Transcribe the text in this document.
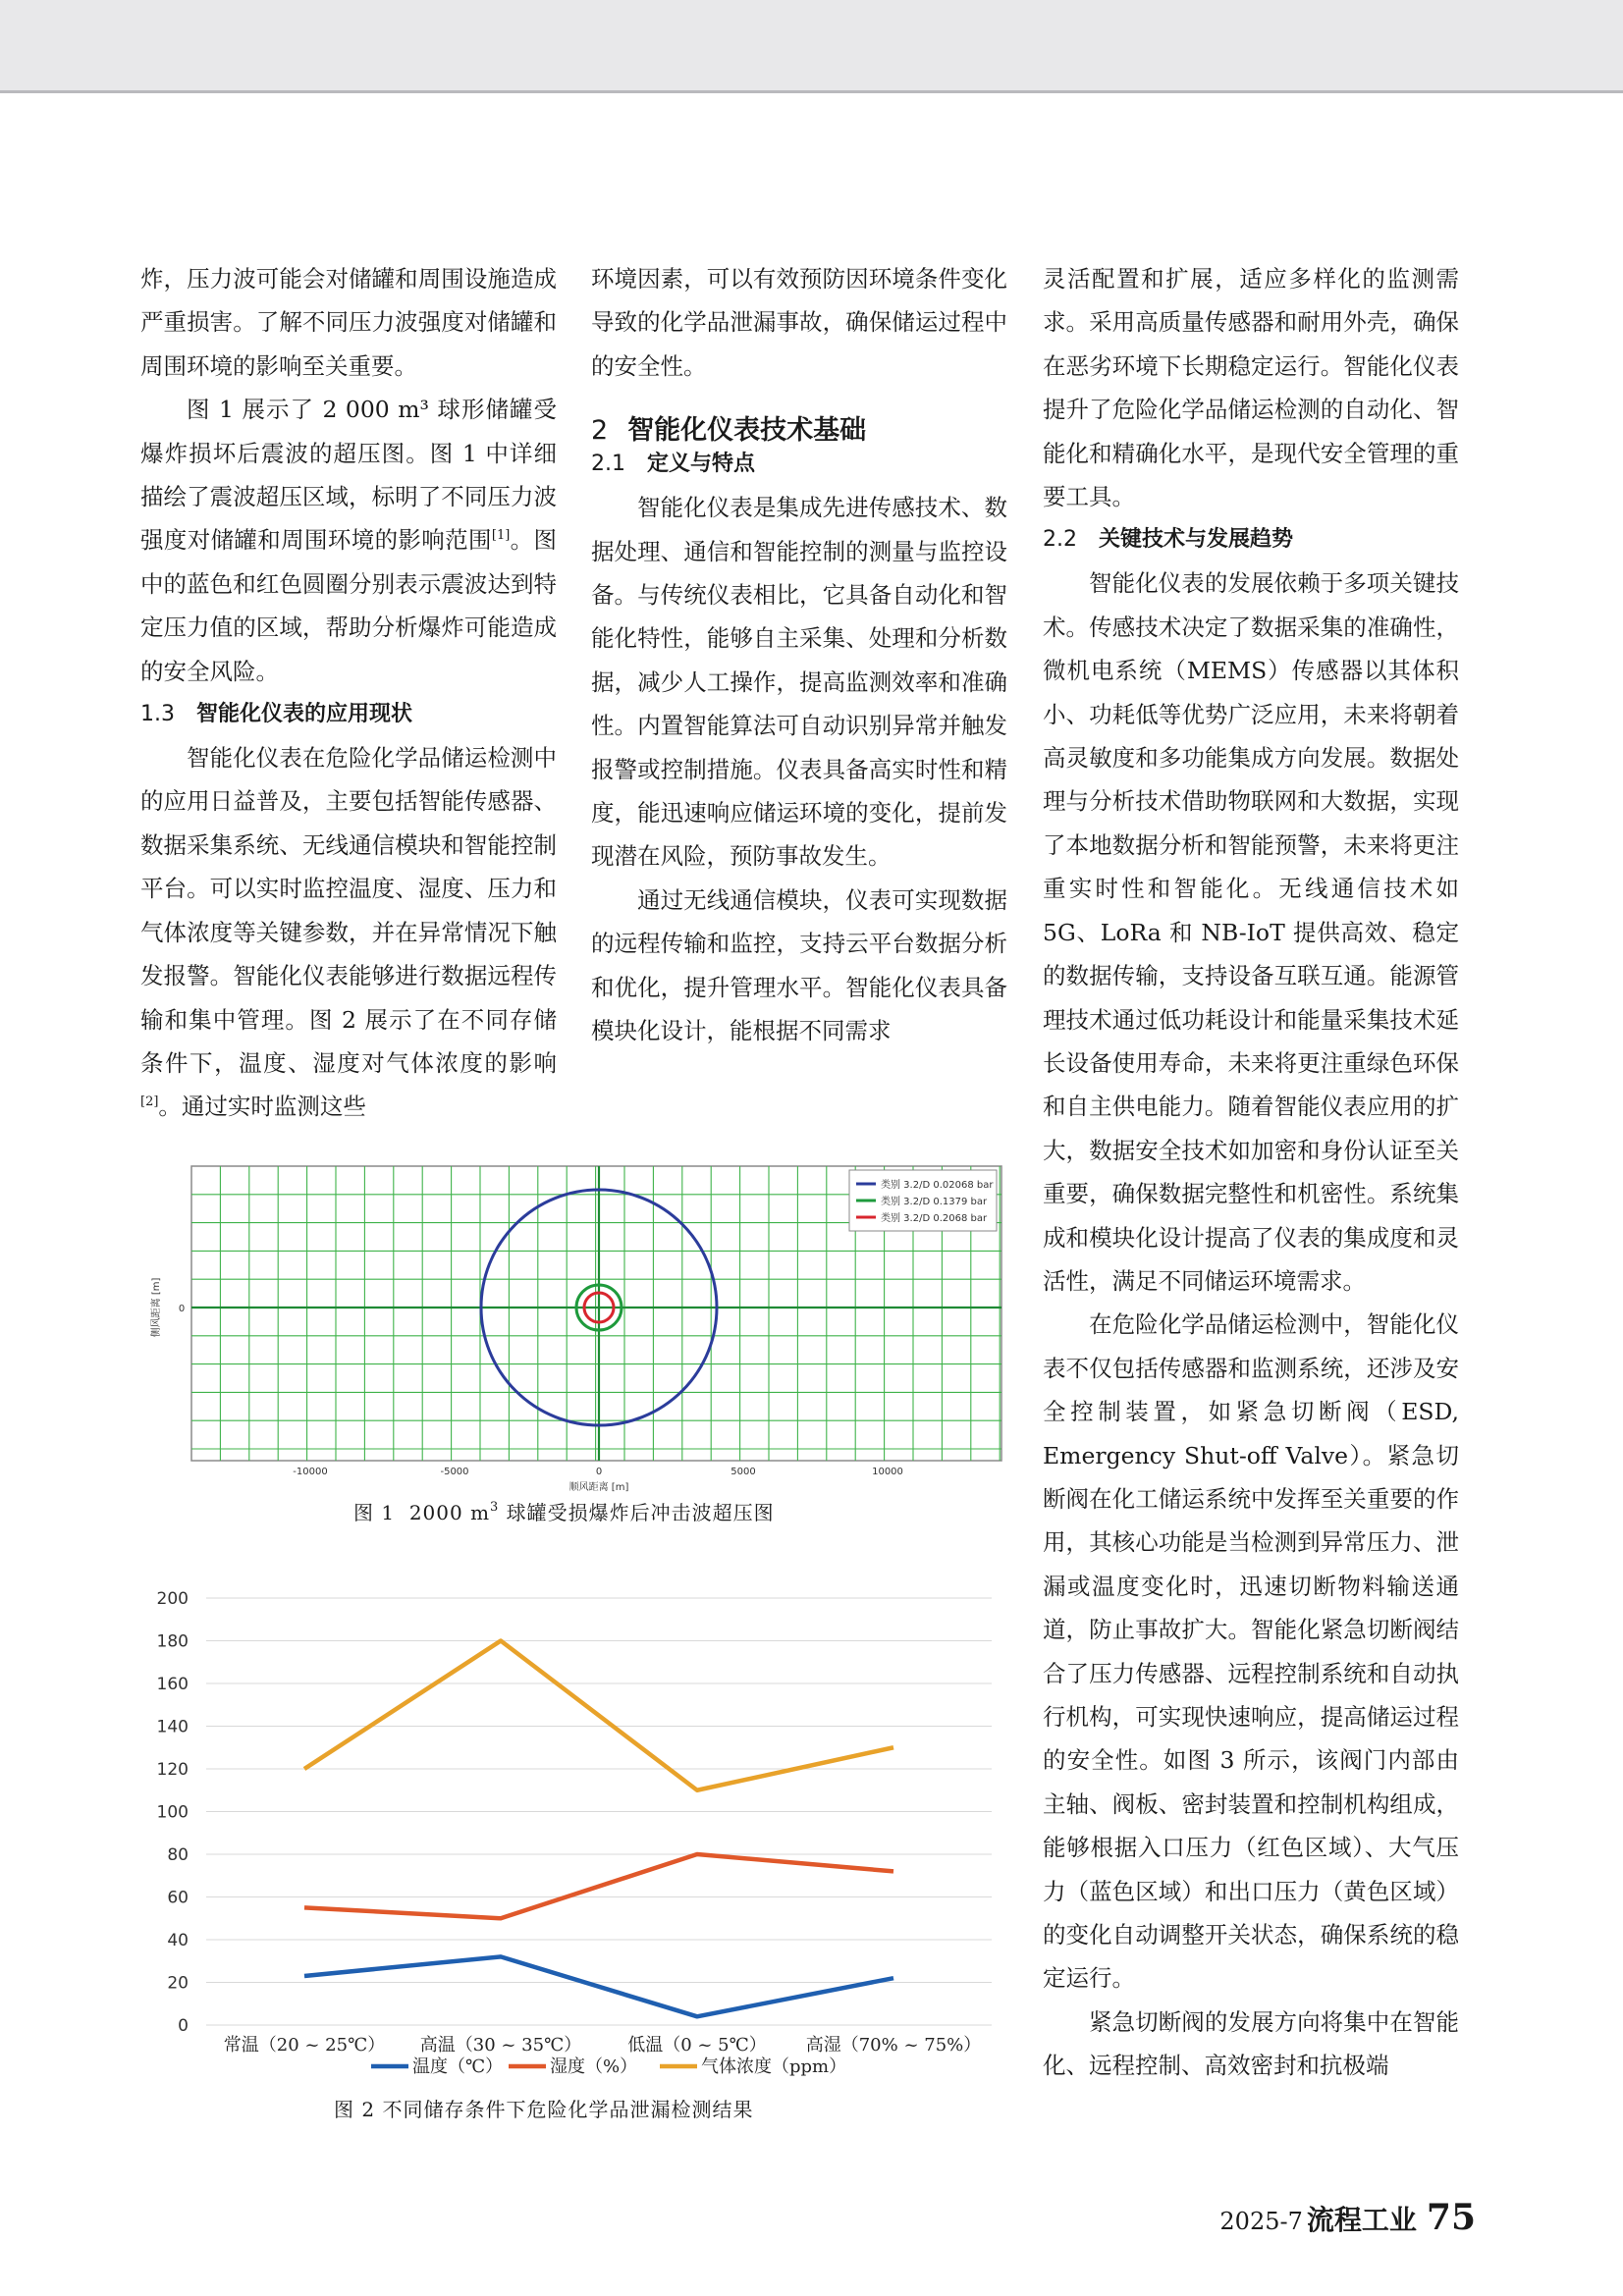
炸，压力波可能会对储罐和周围设施造成严重损害。了解不同压力波强度对储罐和周围环境的影响至关重要。

图 1 展示了 2 000 m³ 球形储罐受爆炸损坏后震波的超压图。图 1 中详细描绘了震波超压区域，标明了不同压力波强度对储罐和周围环境的影响范围[1]。图中的蓝色和红色圆圈分别表示震波达到特定压力值的区域，帮助分析爆炸可能造成的安全风险。

1.3 智能化仪表的应用现状

智能化仪表在危险化学品储运检测中的应用日益普及，主要包括智能传感器、数据采集系统、无线通信模块和智能控制平台。可以实时监控温度、湿度、压力和气体浓度等关键参数，并在异常情况下触发报警。智能化仪表能够进行数据远程传输和集中管理。图 2 展示了在不同存储条件下，温度、湿度对气体浓度的影响[2]。通过实时监测这些

环境因素，可以有效预防因环境条件变化导致的化学品泄漏事故，确保储运过程中的安全性。

2 智能化仪表技术基础

2.1 定义与特点

智能化仪表是集成先进传感技术、数据处理、通信和智能控制的测量与监控设备。与传统仪表相比，它具备自动化和智能化特性，能够自主采集、处理和分析数据，减少人工操作，提高监测效率和准确性。内置智能算法可自动识别异常并触发报警或控制措施。仪表具备高实时性和精度，能迅速响应储运环境的变化，提前发现潜在风险，预防事故发生。

通过无线通信模块，仪表可实现数据的远程传输和监控，支持云平台数据分析和优化，提升管理水平。智能化仪表具备模块化设计，能根据不同需求

灵活配置和扩展，适应多样化的监测需求。采用高质量传感器和耐用外壳，确保在恶劣环境下长期稳定运行。智能化仪表提升了危险化学品储运检测的自动化、智能化和精确化水平，是现代安全管理的重要工具。

2.2 关键技术与发展趋势

智能化仪表的发展依赖于多项关键技术。传感技术决定了数据采集的准确性，微机电系统（MEMS）传感器以其体积小、功耗低等优势广泛应用，未来将朝着高灵敏度和多功能集成方向发展。数据处理与分析技术借助物联网和大数据，实现了本地数据分析和智能预警，未来将更注重实时性和智能化。无线通信技术如 5G、LoRa 和 NB-IoT 提供高效、稳定的数据传输，支持设备互联互通。能源管理技术通过低功耗设计和能量采集技术延长设备使用寿命，未来将更注重绿色环保和自主供电能力。随着智能仪表应用的扩大，数据安全技术如加密和身份认证至关重要，确保数据完整性和机密性。系统集成和模块化设计提高了仪表的集成度和灵活性，满足不同储运环境需求。

在危险化学品储运检测中，智能化仪表不仅包括传感器和监测系统，还涉及安全控制装置，如紧急切断阀（ESD, Emergency Shut-off Valve）。紧急切断阀在化工储运系统中发挥至关重要的作用，其核心功能是当检测到异常压力、泄漏或温度变化时，迅速切断物料输送通道，防止事故扩大。智能化紧急切断阀结合了压力传感器、远程控制系统和自动执行机构，可实现快速响应，提高储运过程的安全性。如图 3 所示，该阀门内部由主轴、阀板、密封装置和控制机构组成，能够根据入口压力（红色区域）、大气压力（蓝色区域）和出口压力（黄色区域）的变化自动调整开关状态，确保系统的稳定运行。

紧急切断阀的发展方向将集中在智能化、远程控制、高效密封和抗极端

类别 3.2/D 0.02068 bar
类别 3.2/D 0.1379 bar
类别 3.2/D 0.2068 bar
-10000	-5000	0	5000	10000
顺风距离 [m]
0
侧风距离 [m]
图 1 2000 $m^3$ 球罐受损爆炸后冲击波超压图
0
20
40
60
80
100
120
140
160
180
200
常温（20 ~ 25℃） 高温（30 ~ 35℃）	低温（0 ~ 5℃） 高湿（70% ~ 75%）
温度（℃）	湿度（%）	气体浓度（ppm）
图 2 不同储存条件下危险化学品泄漏检测结果
2025-7 流程工业 75
